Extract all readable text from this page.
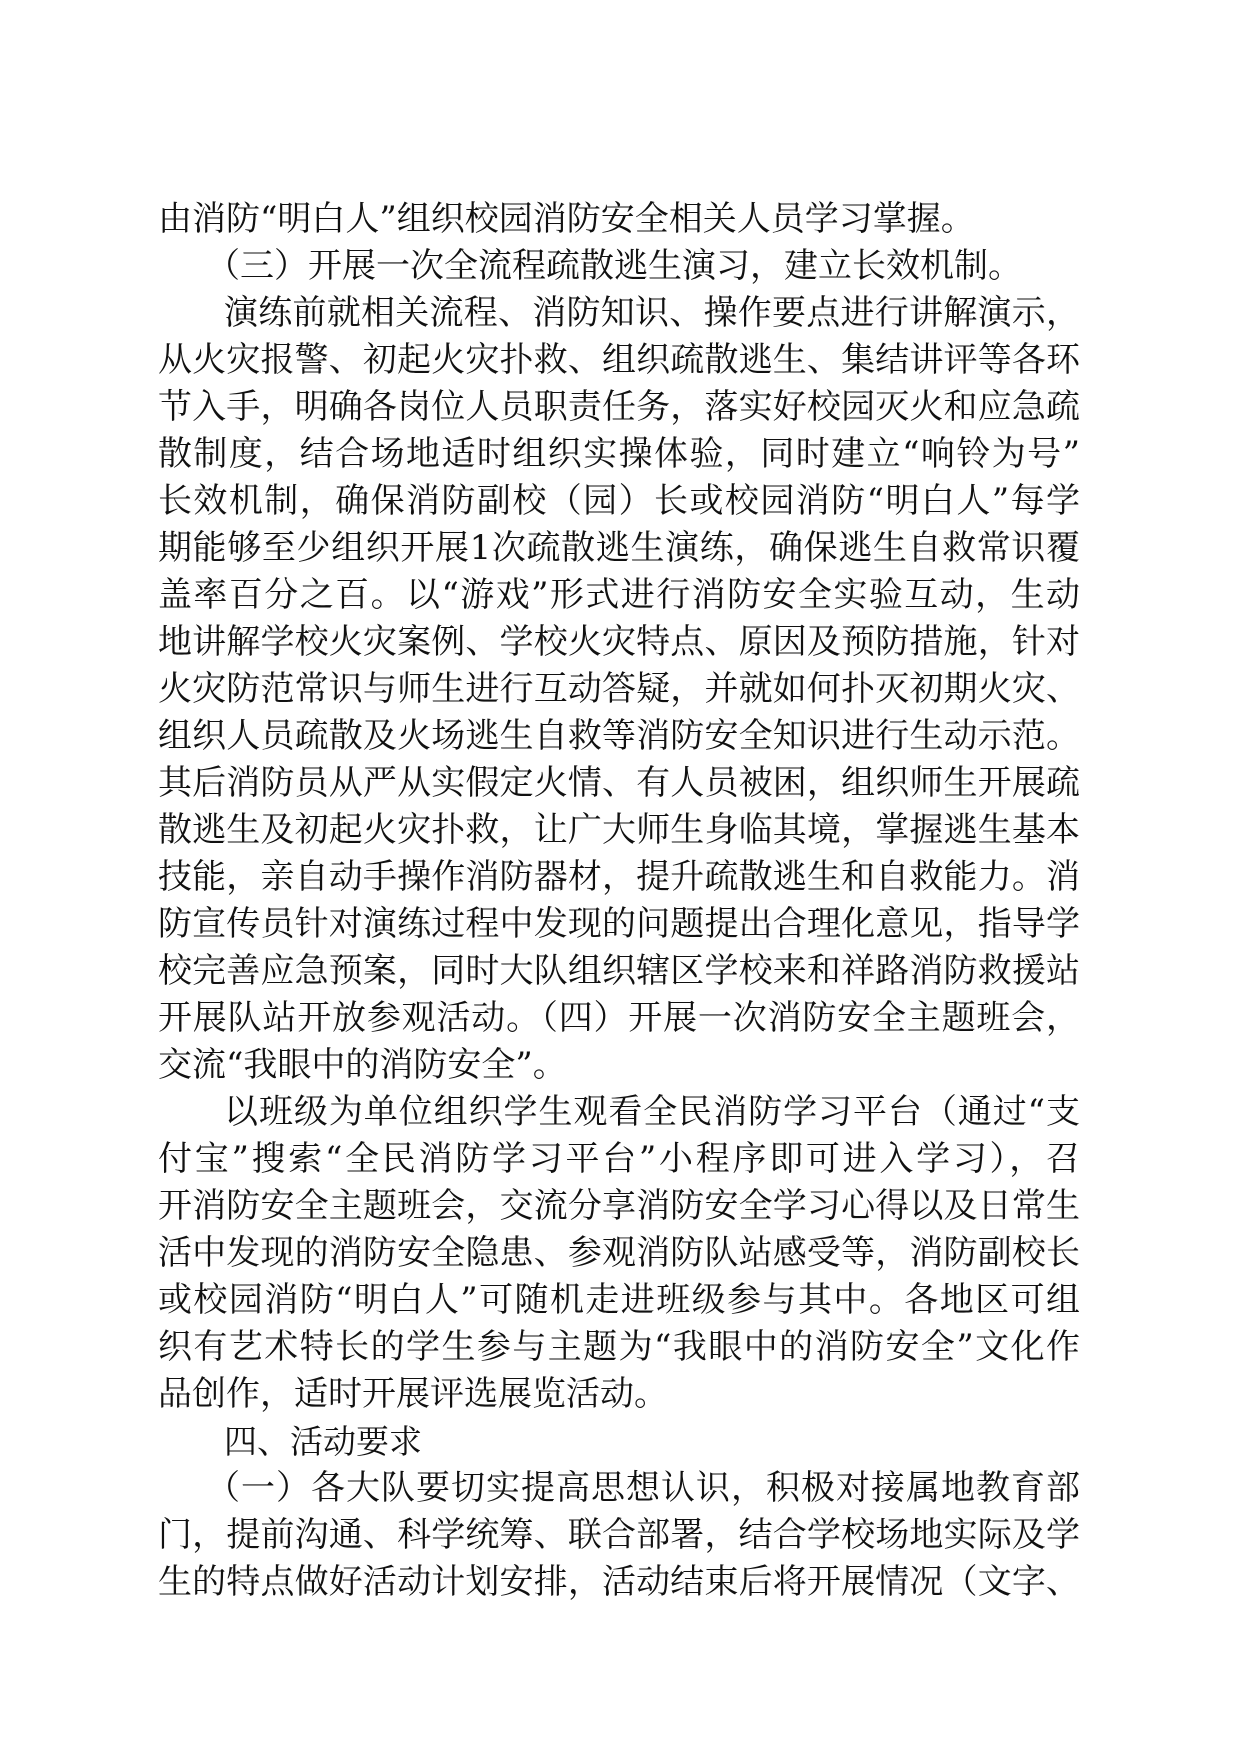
由消防“明白人”组织校园消防安全相关人员学习掌握。
（三）开展一次全流程疏散逃生演习，建立长效机制。
演练前就相关流程、消防知识、操作要点进行讲解演示，
从火灾报警、初起火灾扑救、组织疏散逃生、集结讲评等各环
节入手，明确各岗位人员职责任务，落实好校园灭火和应急疏
散制度，结合场地适时组织实操体验，同时建立“响铃为号”
长效机制，确保消防副校（园）长或校园消防“明白人”每学
期能够至少组织开展1次疏散逃生演练，确保逃生自救常识覆
盖率百分之百。以“游戏”形式进行消防安全实验互动，生动
地讲解学校火灾案例、学校火灾特点、原因及预防措施，针对
火灾防范常识与师生进行互动答疑，并就如何扑灭初期火灾、
组织人员疏散及火场逃生自救等消防安全知识进行生动示范。
其后消防员从严从实假定火情、有人员被困，组织师生开展疏
散逃生及初起火灾扑救，让广大师生身临其境，掌握逃生基本
技能，亲自动手操作消防器材，提升疏散逃生和自救能力。消
防宣传员针对演练过程中发现的问题提出合理化意见，指导学
校完善应急预案，同时大队组织辖区学校来和祥路消防救援站
开展队站开放参观活动。（四）开展一次消防安全主题班会，
交流“我眼中的消防安全”。
以班级为单位组织学生观看全民消防学习平台（通过“支
付宝”搜索“全民消防学习平台”小程序即可进入学习），召
开消防安全主题班会，交流分享消防安全学习心得以及日常生
活中发现的消防安全隐患、参观消防队站感受等，消防副校长
或校园消防“明白人”可随机走进班级参与其中。各地区可组
织有艺术特长的学生参与主题为“我眼中的消防安全”文化作
品创作，适时开展评选展览活动。
四、活动要求
（一）各大队要切实提高思想认识，积极对接属地教育部
门，提前沟通、科学统筹、联合部署，结合学校场地实际及学
生的特点做好活动计划安排，活动结束后将开展情况（文字、
